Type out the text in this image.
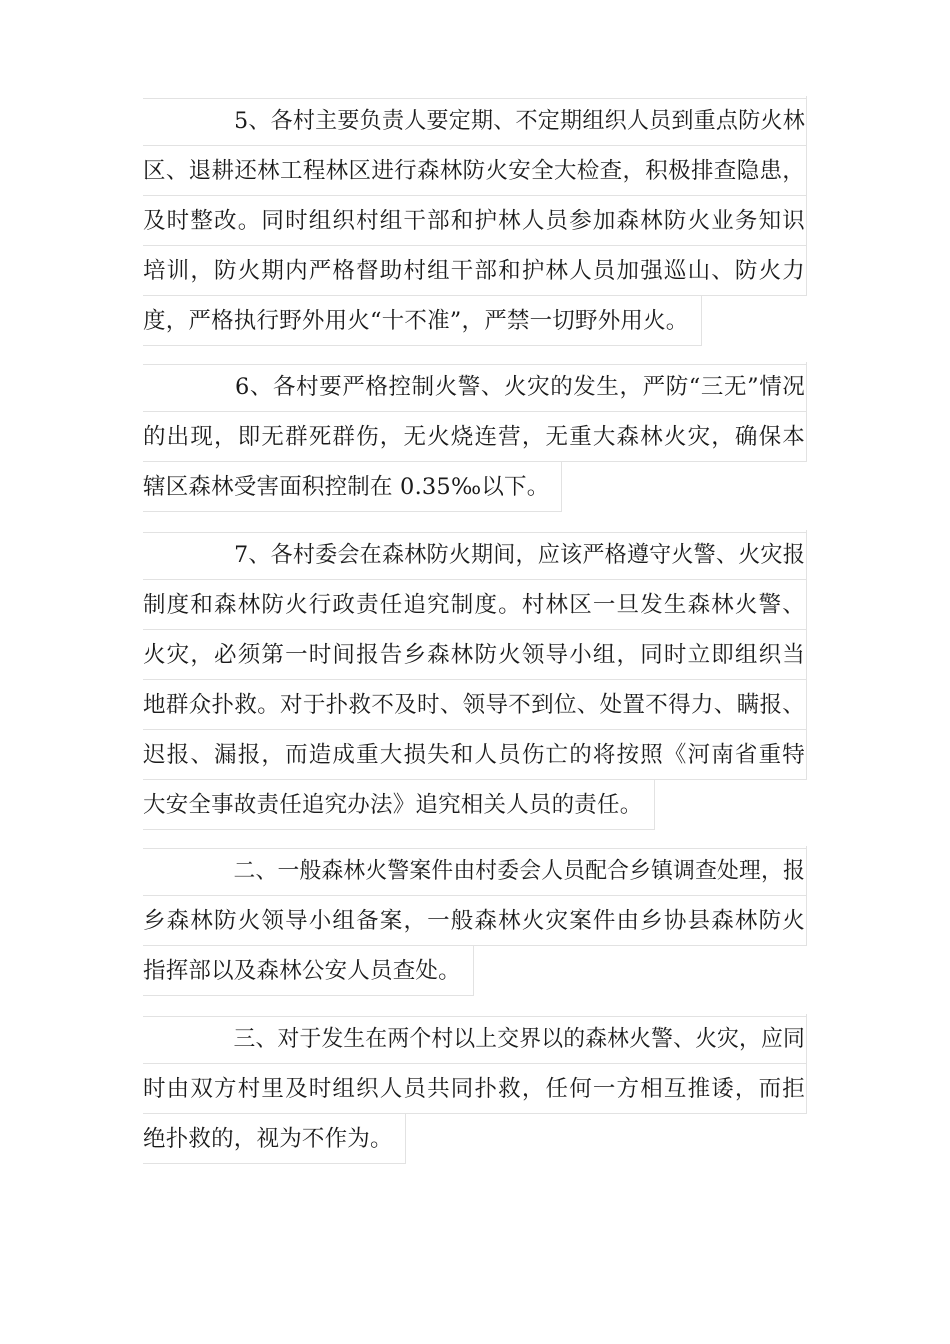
5、各村主要负责人要定期、不定期组织人员到重点防火林
区、退耕还林工程林区进行森林防火安全大检查，积极排查隐患，
及时整改。同时组织村组干部和护林人员参加森林防火业务知识
培训，防火期内严格督助村组干部和护林人员加强巡山、防火力
度，严格执行野外用火“十不准”，严禁一切野外用火。
6、各村要严格控制火警、火灾的发生，严防“三无”情况
的出现，即无群死群伤，无火烧连营，无重大森林火灾，确保本
辖区森林受害面积控制在 0.35‰以下。
7、各村委会在森林防火期间，应该严格遵守火警、火灾报
制度和森林防火行政责任追究制度。村林区一旦发生森林火警、
火灾，必须第一时间报告乡森林防火领导小组，同时立即组织当
地群众扑救。对于扑救不及时、领导不到位、处置不得力、瞒报、
迟报、漏报，而造成重大损失和人员伤亡的将按照《河南省重特
大安全事故责任追究办法》追究相关人员的责任。
二、一般森林火警案件由村委会人员配合乡镇调查处理，报
乡森林防火领导小组备案，一般森林火灾案件由乡协县森林防火
指挥部以及森林公安人员查处。
三、对于发生在两个村以上交界以的森林火警、火灾，应同
时由双方村里及时组织人员共同扑救，任何一方相互推诿，而拒
绝扑救的，视为不作为。
